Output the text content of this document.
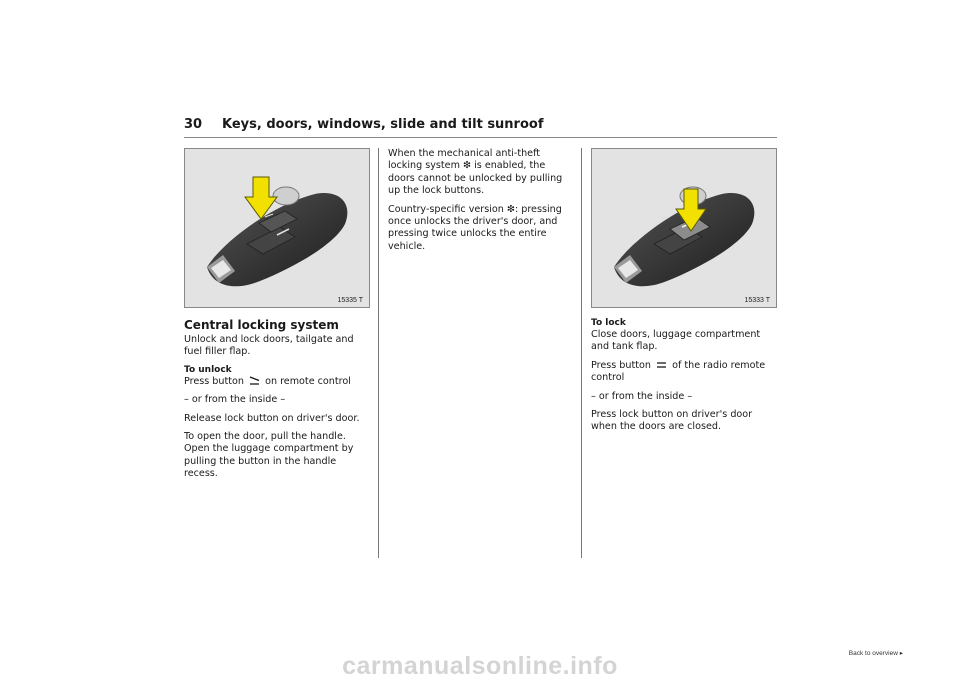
30 Keys, doors, windows, slide and tilt sunroof
15335 T
Central locking system

Unlock and lock doors, tailgate and fuel filler flap.

To unlock

Press button on remote control

– or from the inside –

Release lock button on driver's door.

To open the door, pull the handle. Open the luggage compartment by pulling the button in the handle recess.

When the mechanical anti-theft locking system ❇ is enabled, the doors cannot be unlocked by pulling up the lock buttons.

Country-specific version ❇: pressing once unlocks the driver's door, and pressing twice unlocks the entire vehicle.

15333 T
To lock

Close doors, luggage compartment and tank flap.

Press button of the radio remote control

– or from the inside –

Press lock button on driver's door when the doors are closed.

Back to overview ▸
carmanualsonline.info
